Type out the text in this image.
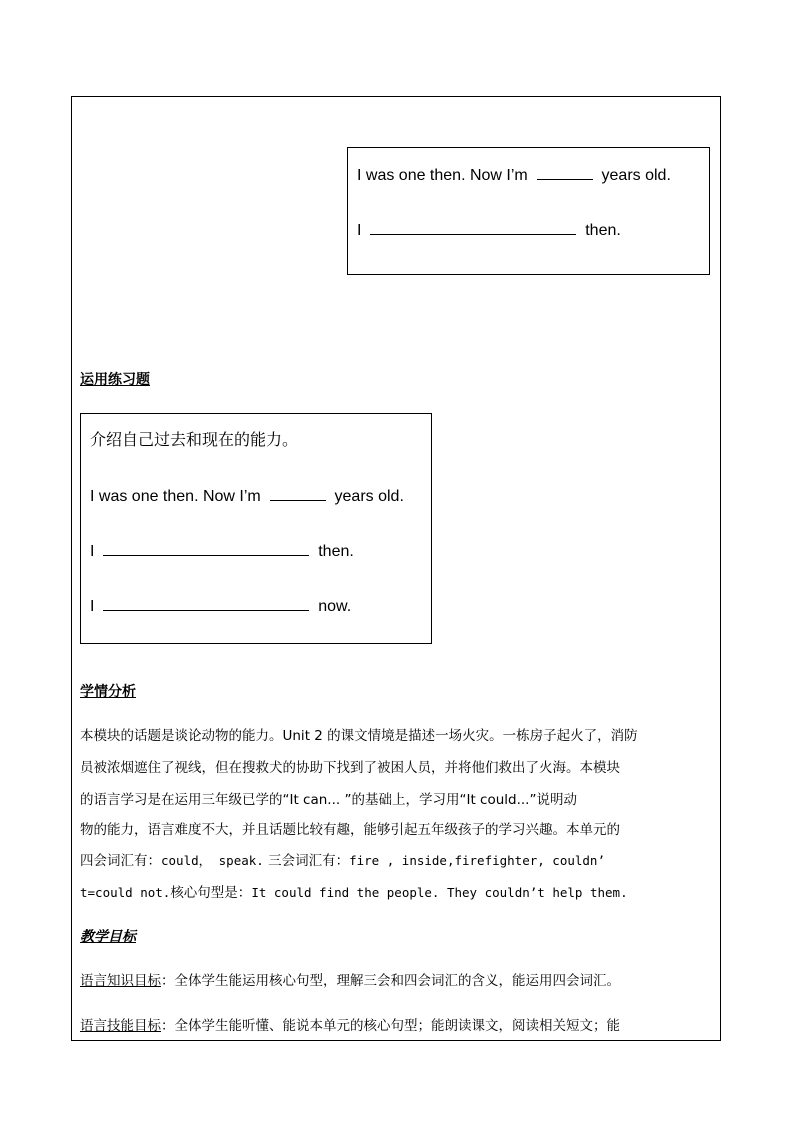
I was one then. Now I’m	years old.
I	then.
运用练习题
介绍自己过去和现在的能力。
I was one then. Now I’m	years old.
I	then.
I	now.
学情分析
本模块的话题是谈论动物的能力。Unit 2 的课文情境是描述一场火灾。一栋房子起火了，消防
员被浓烟遮住了视线，但在搜救犬的协助下找到了被困人员，并将他们救出了火海。本模块
的语言学习是在运用三年级已学的“It can... ”的基础上，学习用“It could...”说明动
物的能力，语言难度不大，并且话题比较有趣，能够引起五年级孩子的学习兴趣。本单元的
四会词汇有：could， speak. 三会词汇有：fire , inside,firefighter, couldn’
t=could not.核心句型是：It could find the people. They couldn’t help them.
教学目标
语言知识目标：全体学生能运用核心句型，理解三会和四会词汇的含义，能运用四会词汇。
语言技能目标：全体学生能听懂、能说本单元的核心句型；能朗读课文，阅读相关短文；能
